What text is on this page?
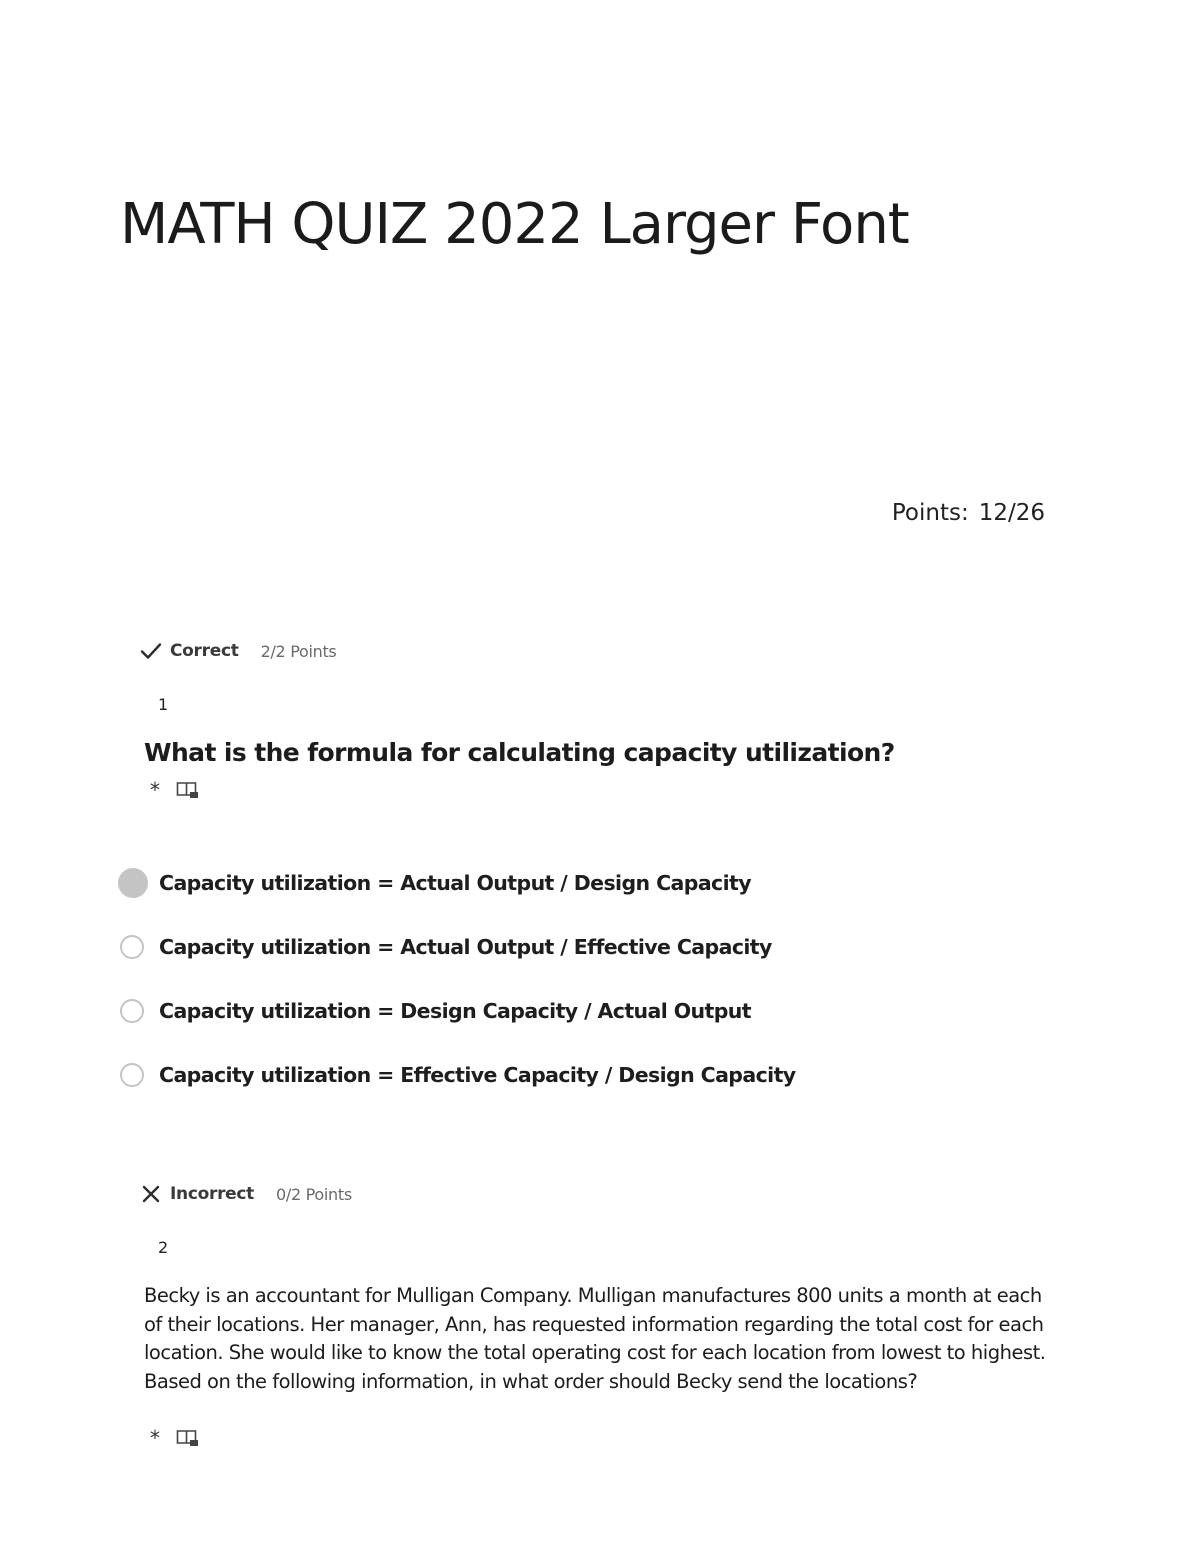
MATH QUIZ 2022 Larger Font
Points: 12/26
Correct 2/2 Points
1
What is the formula for calculating capacity utilization?
*
Capacity utilization = Actual Output / Design Capacity
Capacity utilization = Actual Output / Effective Capacity
Capacity utilization = Design Capacity / Actual Output
Capacity utilization = Effective Capacity / Design Capacity
Incorrect 0/2 Points
2

Becky is an accountant for Mulligan Company. Mulligan manufactures 800 units a month at each of their locations. Her manager, Ann, has requested information regarding the total cost for each location. She would like to know the total operating cost for each location from lowest to highest. Based on the following information, in what order should Becky send the locations?

*
